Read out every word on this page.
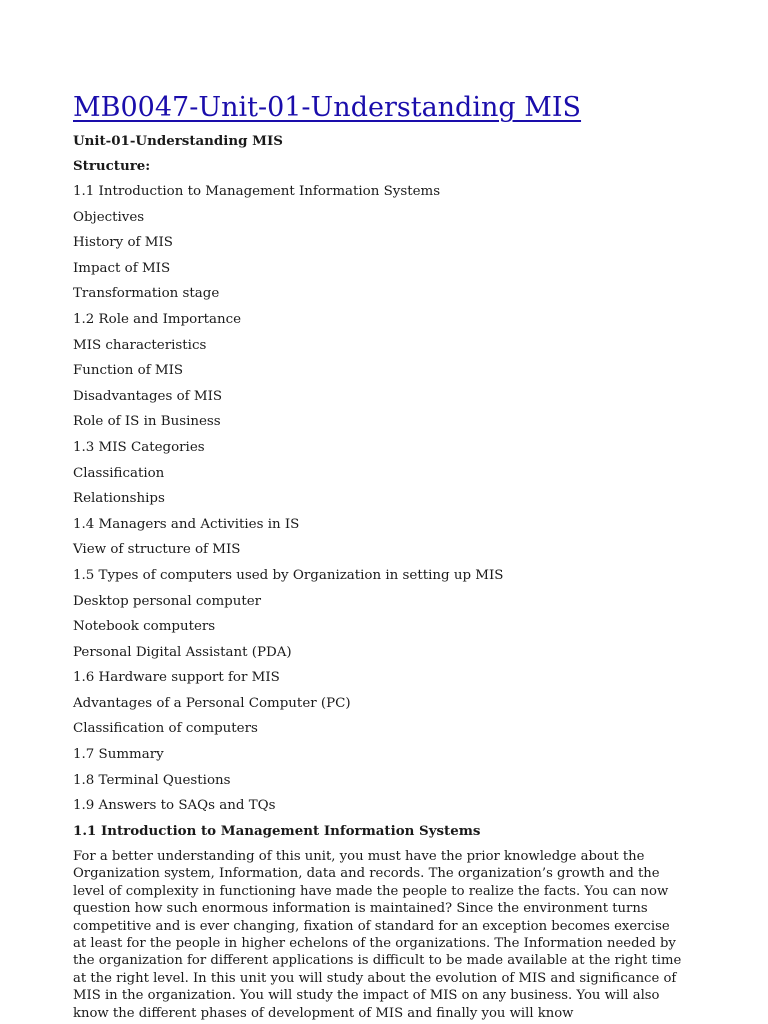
MB0047-Unit-01-Understanding MIS

Unit-01-Understanding MIS

Structure:

1.1 Introduction to Management Information Systems
Objectives
History of MIS
Impact of MIS
Transformation stage
1.2 Role and Importance
MIS characteristics
Function of MIS
Disadvantages of MIS
Role of IS in Business
1.3 MIS Categories
Classification
Relationships
1.4 Managers and Activities in IS
View of structure of MIS
1.5 Types of computers used by Organization in setting up MIS
Desktop personal computer
Notebook computers
Personal Digital Assistant (PDA)
1.6 Hardware support for MIS
Advantages of a Personal Computer (PC)
Classification of computers
1.7 Summary
1.8 Terminal Questions
1.9 Answers to SAQs and TQs

1.1 Introduction to Management Information Systems

For a better understanding of this unit, you must have the prior knowledge about the Organization system, Information, data and records. The organization’s growth and the level of complexity in functioning have made the people to realize the facts. You can now question how such enormous information is maintained? Since the environment turns competitive and is ever changing, fixation of standard for an exception becomes exercise at least for the people in higher echelons of the organizations. The Information needed by the organization for different applications is difficult to be made available at the right time at the right level. In this unit you will study about the evolution of MIS and significance of MIS in the organization. You will study the impact of MIS on any business. You will also know the different phases of development of MIS and finally you will know
